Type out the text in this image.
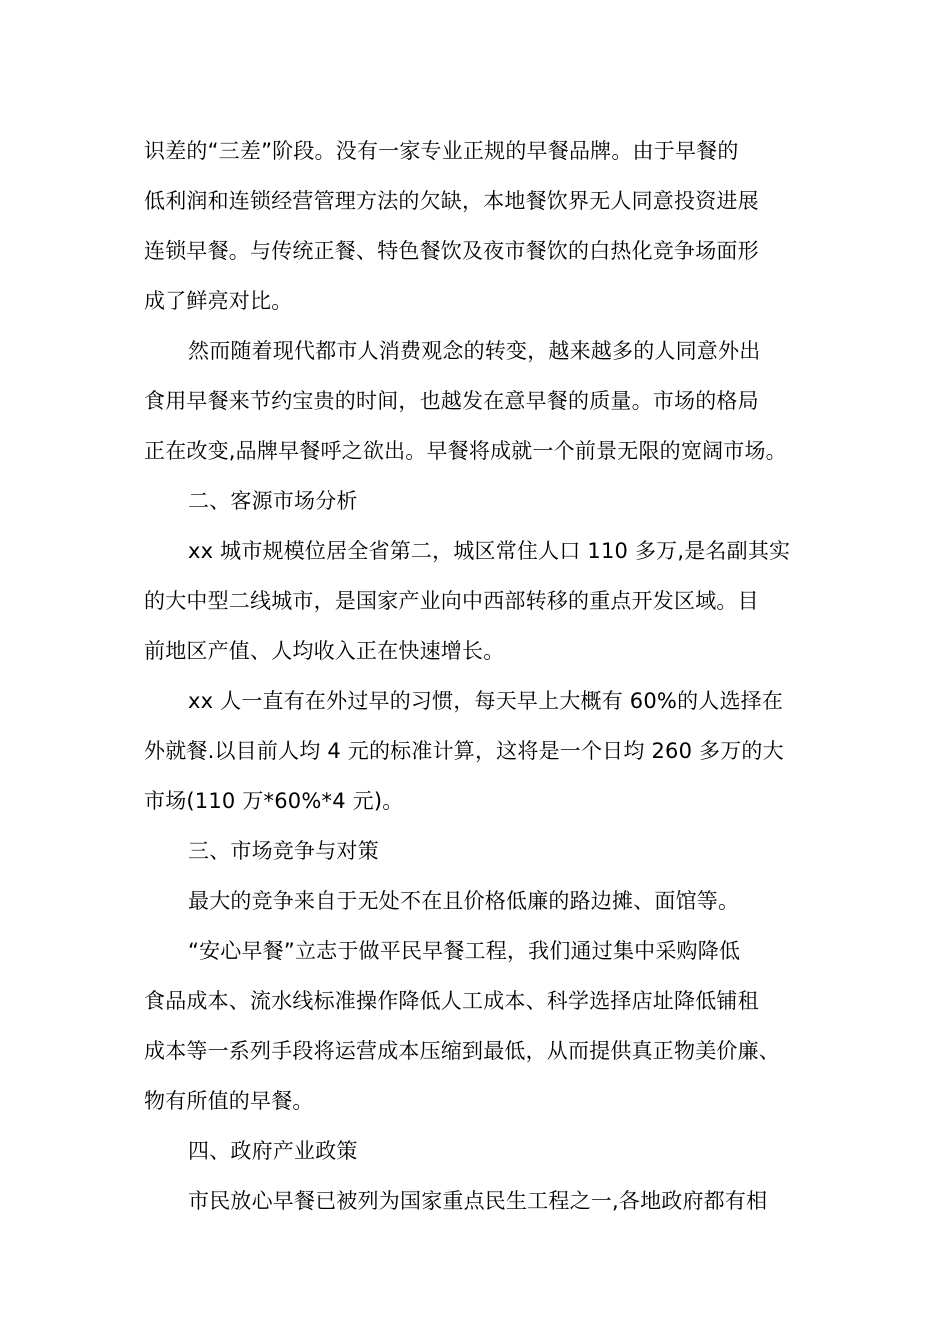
识差的“三差”阶段。没有一家专业正规的早餐品牌。由于早餐的
低利润和连锁经营管理方法的欠缺，本地餐饮界无人同意投资进展
连锁早餐。与传统正餐、特色餐饮及夜市餐饮的白热化竞争场面形
成了鲜亮对比。
然而随着现代都市人消费观念的转变，越来越多的人同意外出
食用早餐来节约宝贵的时间，也越发在意早餐的质量。市场的格局
正在改变,品牌早餐呼之欲出。早餐将成就一个前景无限的宽阔市场。
二、客源市场分析
xx 城市规模位居全省第二，城区常住人口 110 多万,是名副其实
的大中型二线城市，是国家产业向中西部转移的重点开发区域。目
前地区产值、人均收入正在快速增长。
xx 人一直有在外过早的习惯，每天早上大概有 60%的人选择在
外就餐.以目前人均 4 元的标准计算，这将是一个日均 260 多万的大
市场(110 万*60%*4 元)。
三、市场竞争与对策
最大的竞争来自于无处不在且价格低廉的路边摊、面馆等。
“安心早餐”立志于做平民早餐工程，我们通过集中采购降低
食品成本、流水线标准操作降低人工成本、科学选择店址降低铺租
成本等一系列手段将运营成本压缩到最低，从而提供真正物美价廉、
物有所值的早餐。
四、政府产业政策
市民放心早餐已被列为国家重点民生工程之一,各地政府都有相
